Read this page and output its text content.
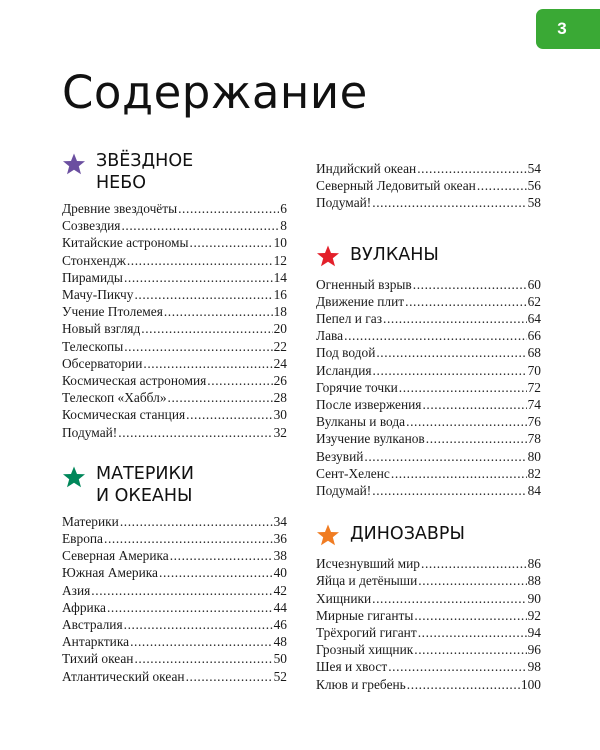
3
Содержание
ЗВЁЗДНОЕ
НЕБО
Древние звездочёты .....	6
Созвездия .....	8
Китайские астрономы .....	10
Стонхендж .....	12
Пирамиды .....	14
Мачу-Пикчу .....	16
Учение Птолемея .....	18
Новый взгляд .....	20
Телескопы .....	22
Обсерватории .....	24
Космическая астрономия .....	26
Телескоп «Хаббл» .....	28
Космическая станция .....	30
Подумай! .....	32
МАТЕРИКИ
И ОКЕАНЫ
Материки .....	34
Европа .....	36
Северная Америка .....	38
Южная Америка .....	40
Азия .....	42
Африка .....	44
Австралия .....	46
Антарктика .....	48
Тихий океан .....	50
Атлантический океан .....	52
Индийский океан .....	54
Северный Ледовитый океан .....	56
Подумай! .....	58
ВУЛКАНЫ
Огненный взрыв .....	60
Движение плит .....	62
Пепел и газ .....	64
Лава .....	66
Под водой .....	68
Исландия .....	70
Горячие точки .....	72
После извержения .....	74
Вулканы и вода .....	76
Изучение вулканов .....	78
Везувий .....	80
Сент-Хеленс .....	82
Подумай! .....	84
ДИНОЗАВРЫ
Исчезнувший мир .....	86
Яйца и детёныши .....	88
Хищники .....	90
Мирные гиганты .....	92
Трёхрогий гигант .....	94
Грозный хищник .....	96
Шея и хвост .....	98
Клюв и гребень .....	100
